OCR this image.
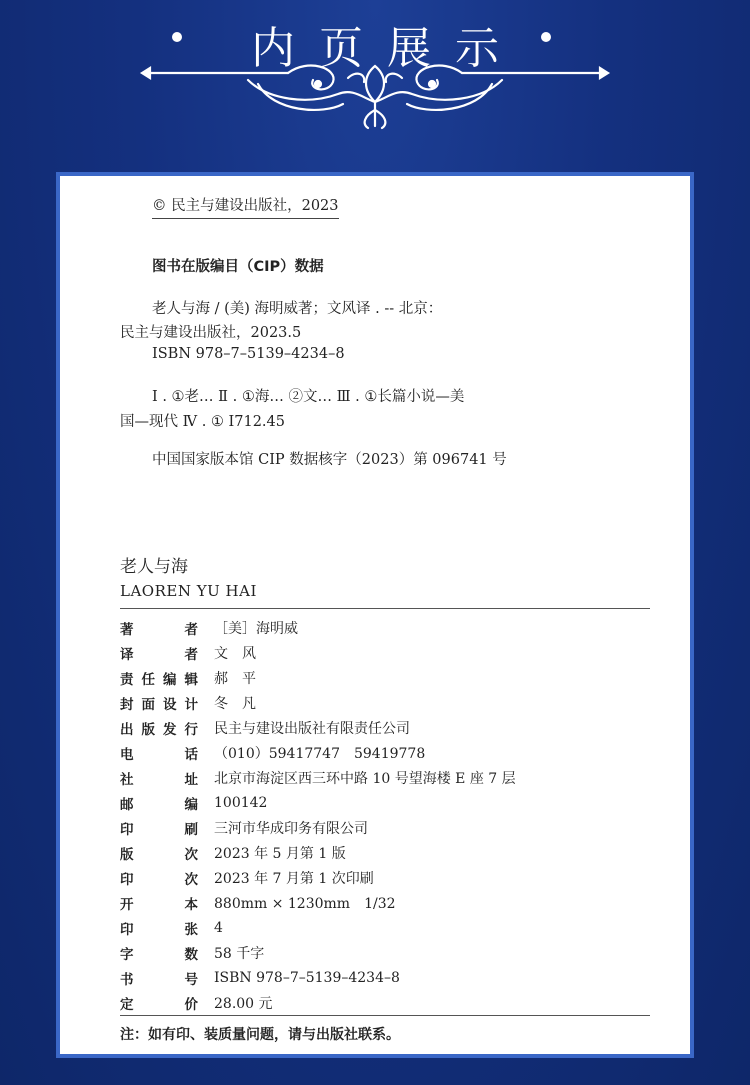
内页展示
© 民主与建设出版社，2023
图书在版编目（CIP）数据
老人与海 / (美) 海明威著；文风译 . -- 北京：
民主与建设出版社，2023.5
ISBN 978–7–5139–4234–8
Ⅰ . ①老… Ⅱ . ①海… ②文… Ⅲ . ①长篇小说—美
国—现代 Ⅳ . ① I712.45
中国国家版本馆 CIP 数据核字（2023）第 096741 号
老人与海
LAOREN YU HAI
著	者 ［美］海明威
译	者 文　风
责 任 编 辑 郝　平
封 面 设 计 冬　凡
出 版 发 行 民主与建设出版社有限责任公司
电	话 （010）59417747　59419778
社	址 北京市海淀区西三环中路 10 号望海楼 E 座 7 层
邮	编 100142
印	刷 三河市华成印务有限公司
版	次 2023 年 5 月第 1 版
印	次 2023 年 7 月第 1 次印刷
开	本 880mm × 1230mm　1/32
印	张 4
字	数 58 千字
书	号 ISBN 978–7–5139–4234–8
定	价 28.00 元
注：如有印、装质量问题，请与出版社联系。
